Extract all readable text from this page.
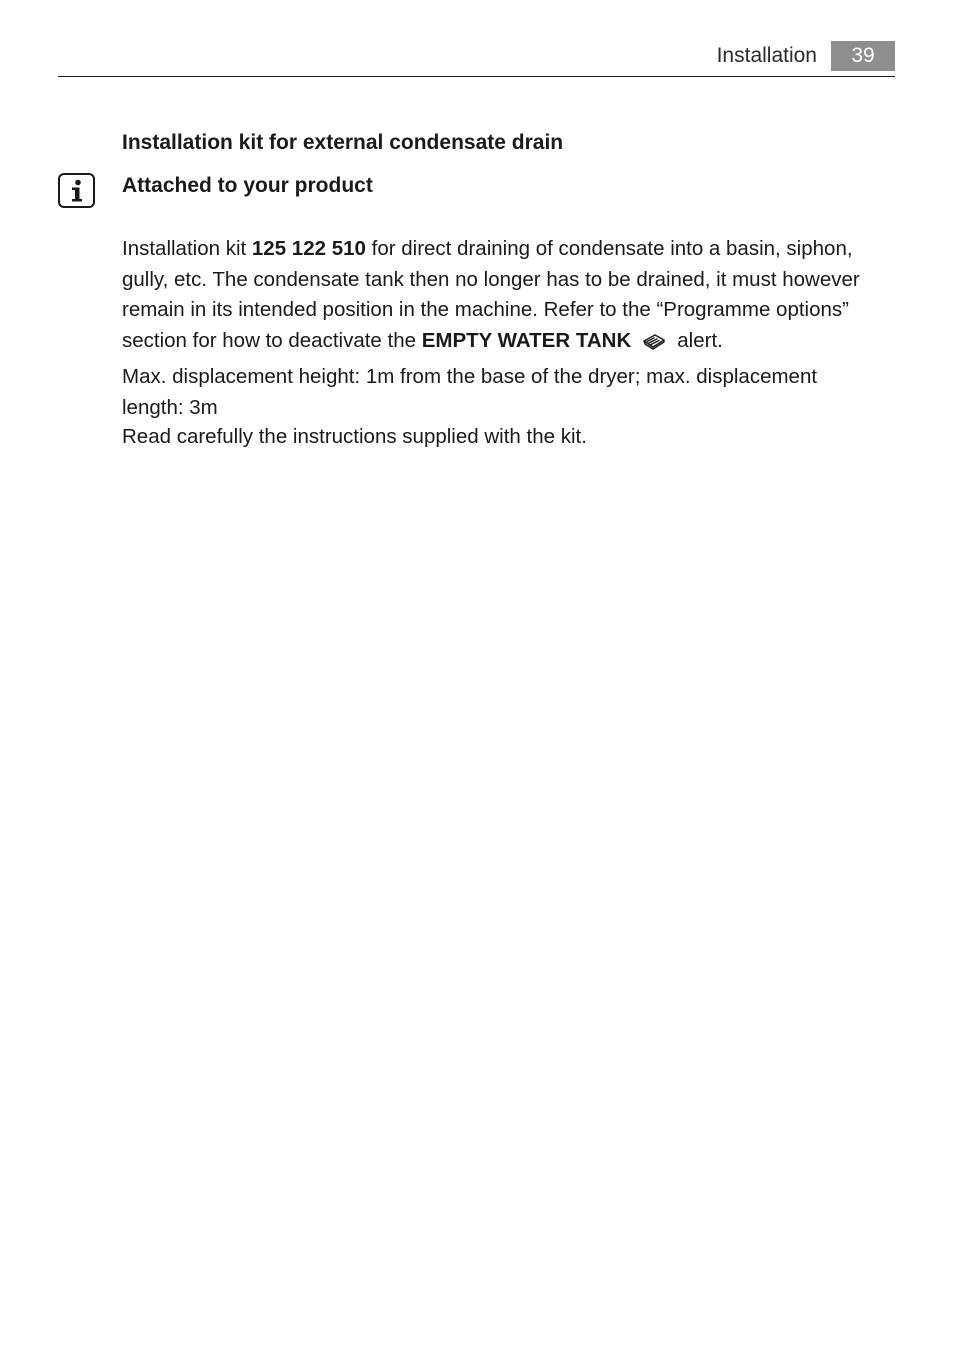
Installation	39
Installation kit for external condensate drain
Attached to your product
Installation kit 125 122 510 for direct draining of condensate into a basin, siphon, gully, etc. The condensate tank then no longer has to be drained, it must however remain in its intended position in the machine. Refer to the “Programme options” section for how to deactivate the EMPTY WATER TANK alert.
Max. displacement height: 1m from the base of the dryer; max. displacement
length: 3m
Read carefully the instructions supplied with the kit.
